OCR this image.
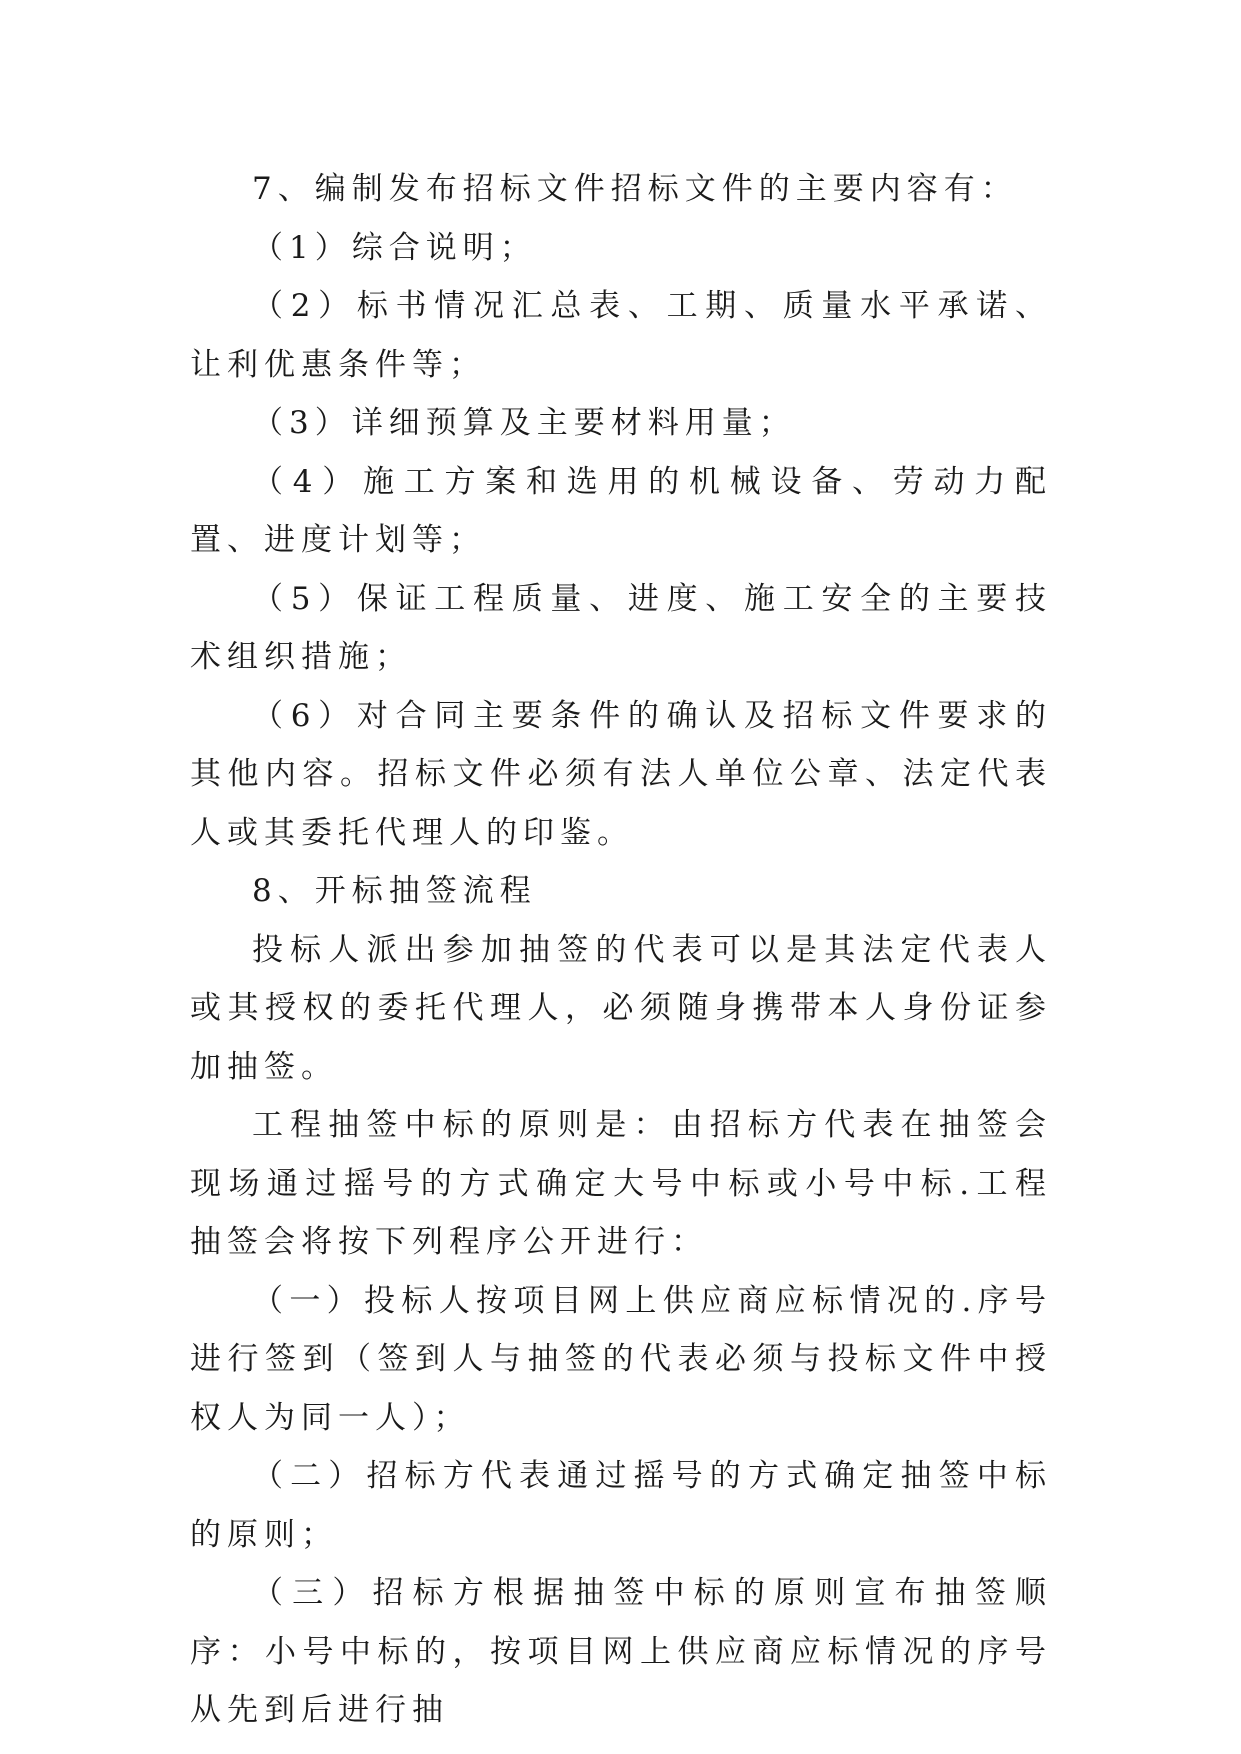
7、编制发布招标文件招标文件的主要内容有：

（1）综合说明；

（2）标书情况汇总表、工期、质量水平承诺、让利优惠条件等；

（3）详细预算及主要材料用量；

（4）施工方案和选用的机械设备、劳动力配置、进度计划等；

（5）保证工程质量、进度、施工安全的主要技术组织措施；

（6）对合同主要条件的确认及招标文件要求的其他内容。招标文件必须有法人单位公章、法定代表人或其委托代理人的印鉴。

8、开标抽签流程

投标人派出参加抽签的代表可以是其法定代表人或其授权的委托代理人，必须随身携带本人身份证参加抽签。

工程抽签中标的原则是：由招标方代表在抽签会现场通过摇号的方式确定大号中标或小号中标.工程抽签会将按下列程序公开进行：

（一）投标人按项目网上供应商应标情况的.序号进行签到（签到人与抽签的代表必须与投标文件中授权人为同一人）；

（二）招标方代表通过摇号的方式确定抽签中标的原则；

（三）招标方根据抽签中标的原则宣布抽签顺序：小号中标的，按项目网上供应商应标情况的序号从先到后进行抽
